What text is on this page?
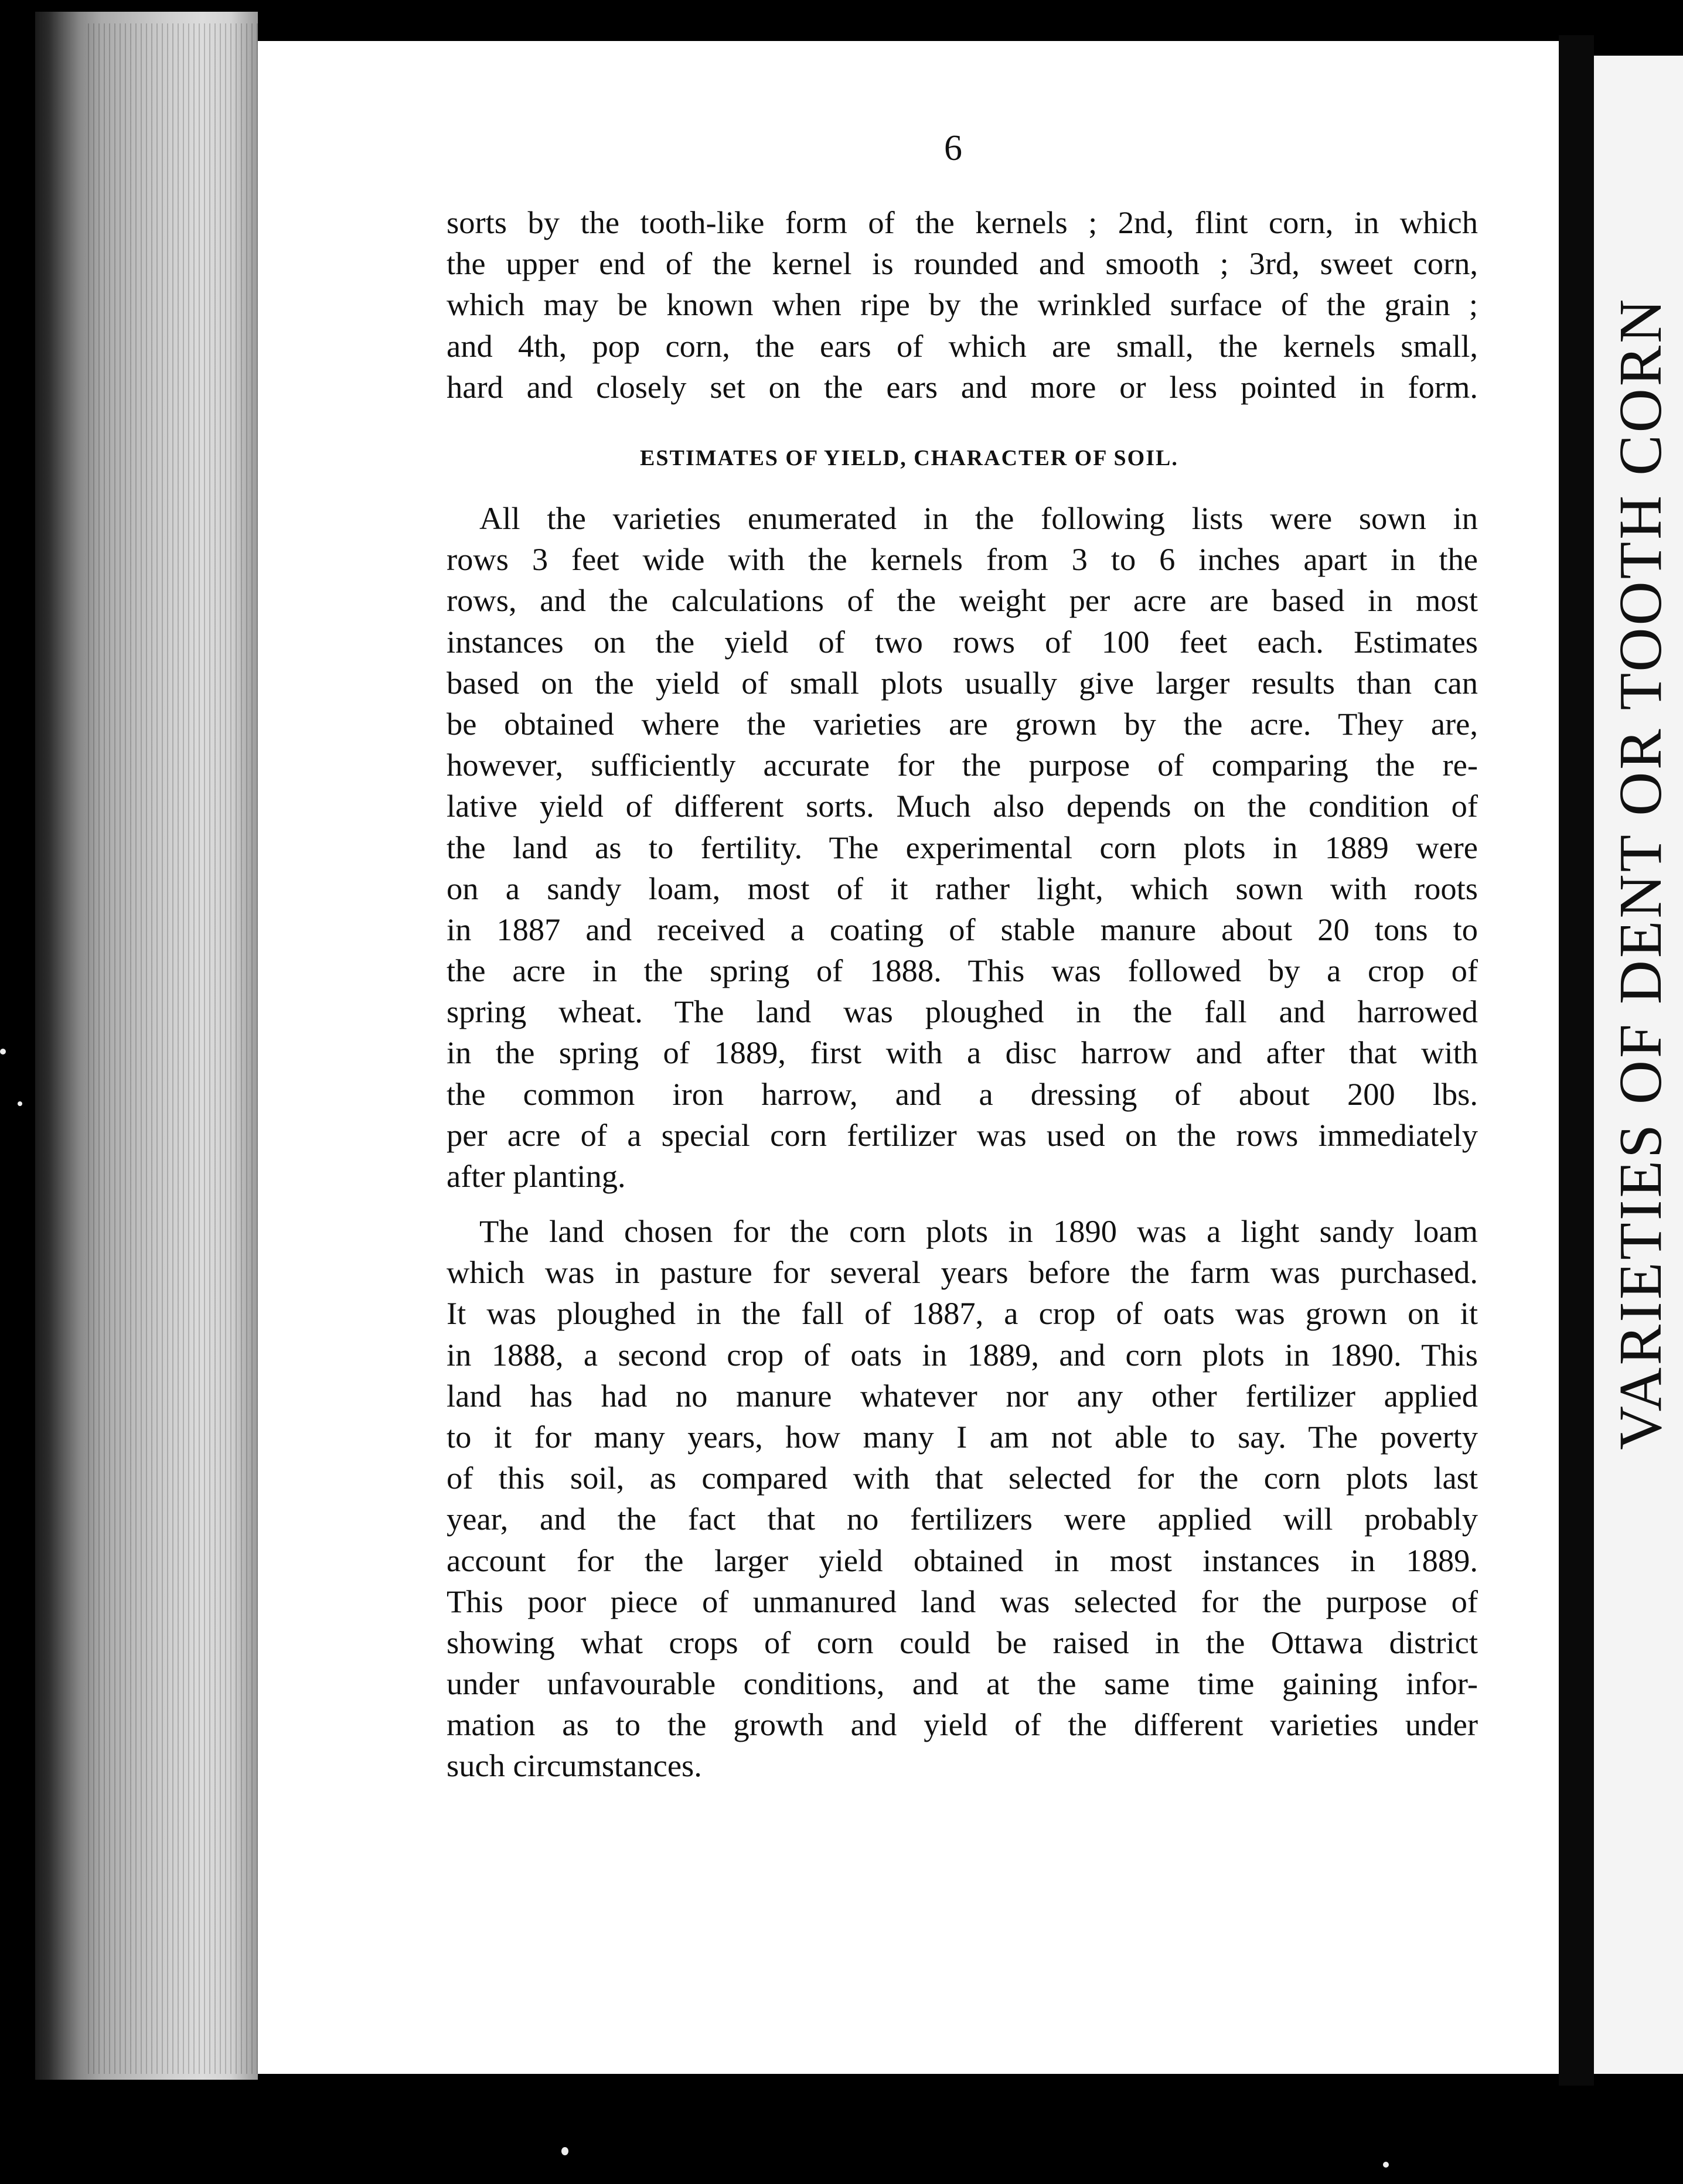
VARIETIES OF DENT OR TOOTH CORN
6
sorts by the tooth-like form of the kernels ; 2nd, flint corn, in which
the upper end of the kernel is rounded and smooth ; 3rd, sweet corn,
which may be known when ripe by the wrinkled surface of the grain ;
and 4th, pop corn, the ears of which are small, the kernels small,
hard and closely set on the ears and more or less pointed in form.
ESTIMATES OF YIELD, CHARACTER OF SOIL.
All the varieties enumerated in the following lists were sown in
rows 3 feet wide with the kernels from 3 to 6 inches apart in the
rows, and the calculations of the weight per acre are based in most
instances on the yield of two rows of 100 feet each. Estimates
based on the yield of small plots usually give larger results than can
be obtained where the varieties are grown by the acre. They are,
however, sufficiently accurate for the purpose of comparing the re-
lative yield of different sorts. Much also depends on the condition of
the land as to fertility. The experimental corn plots in 1889 were
on a sandy loam, most of it rather light, which sown with roots
in 1887 and received a coating of stable manure about 20 tons to
the acre in the spring of 1888. This was followed by a crop of
spring wheat. The land was ploughed in the fall and harrowed
in the spring of 1889, first with a disc harrow and after that with
the common iron harrow, and a dressing of about 200 lbs.
per acre of a special corn fertilizer was used on the rows immediately
after planting.
The land chosen for the corn plots in 1890 was a light sandy loam
which was in pasture for several years before the farm was purchased.
It was ploughed in the fall of 1887, a crop of oats was grown on it
in 1888, a second crop of oats in 1889, and corn plots in 1890. This
land has had no manure whatever nor any other fertilizer applied
to it for many years, how many I am not able to say. The poverty
of this soil, as compared with that selected for the corn plots last
year, and the fact that no fertilizers were applied will probably
account for the larger yield obtained in most instances in 1889.
This poor piece of unmanured land was selected for the purpose of
showing what crops of corn could be raised in the Ottawa district
under unfavourable conditions, and at the same time gaining infor-
mation as to the growth and yield of the different varieties under
such circumstances.
